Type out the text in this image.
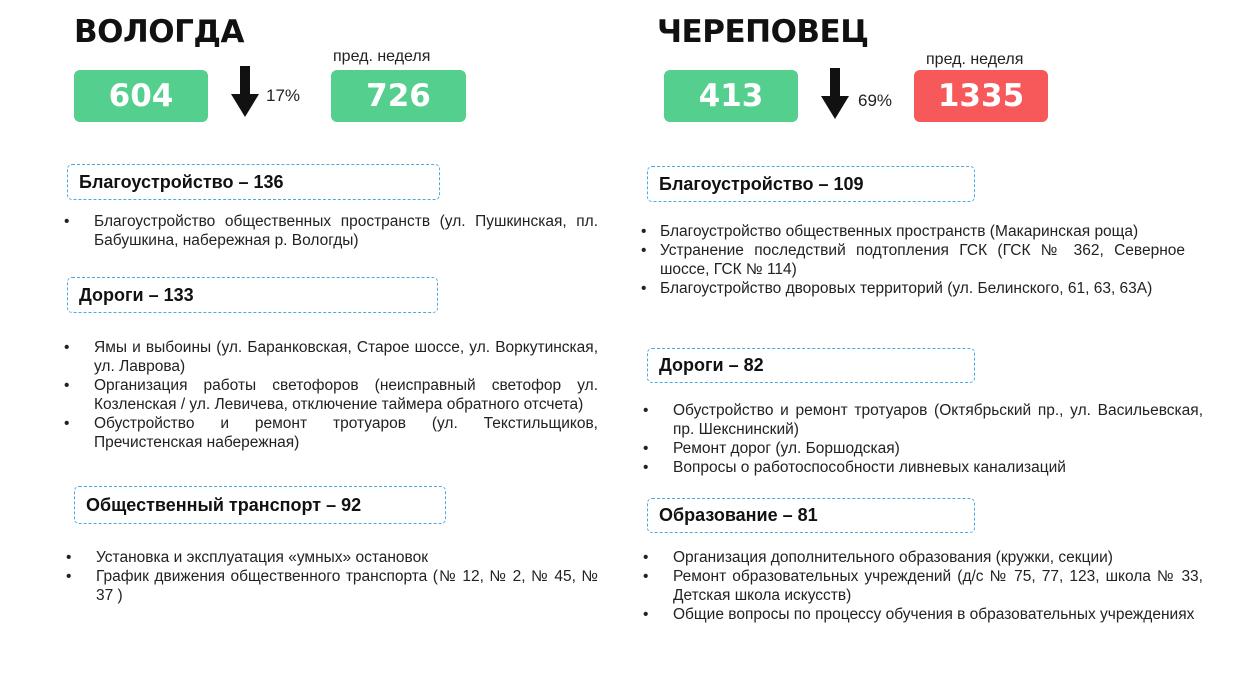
ВОЛОГДА
604	17%
пред. неделя
726
Благоустройство – 136
• Благоустройство общественных пространств (ул. Пушкинская, пл. Бабушкина, набережная р. Вологды)
Дороги – 133
• Ямы и выбоины (ул. Баранковская, Старое шоссе, ул. Воркутинская, ул. Лаврова)
• Организация работы светофоров (неисправный светофор ул. Козленская / ул. Левичева, отключение таймера обратного отсчета)
• Обустройство и ремонт тротуаров (ул. Текстильщиков, Пречистенская набережная)
Общественный транспорт – 92
• Установка и эксплуатация «умных» остановок
• График движения общественного транспорта (№ 12, № 2, № 45, № 37 )
ЧЕРЕПОВЕЦ
413	69%
пред. неделя
1335
Благоустройство – 109
• Благоустройство общественных пространств (Макаринская роща)
• Устранение последствий подтопления ГСК (ГСК № 362, Северное шоссе, ГСК № 114)
• Благоустройство дворовых территорий (ул. Белинского, 61, 63, 63А)
Дороги – 82
• Обустройство и ремонт тротуаров (Октябрьский пр., ул. Васильевская, пр. Шекснинский)
• Ремонт дорог (ул. Боршодская)
• Вопросы о работоспособности ливневых канализаций
Образование – 81
• Организация дополнительного образования (кружки, секции)
• Ремонт образовательных учреждений (д/с № 75, 77, 123, школа № 33, Детская школа искусств)
• Общие вопросы по процессу обучения в образовательных учреждениях
